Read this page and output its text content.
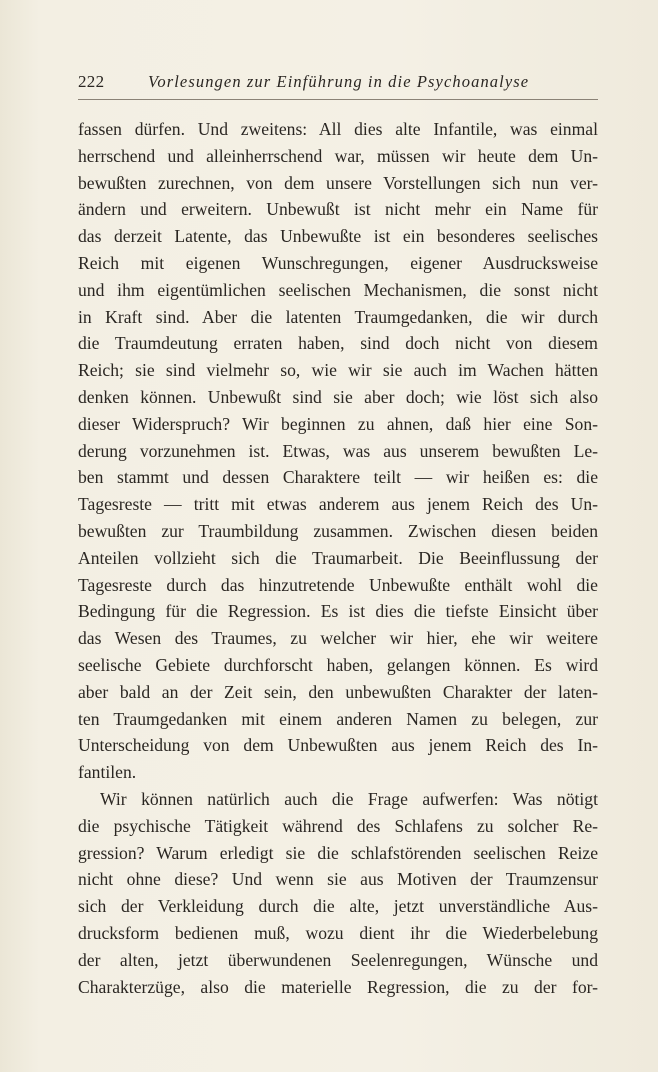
222	Vorlesungen zur Einführung in die Psychoanalyse
fassen dürfen. Und zweitens: All dies alte Infantile, was einmal
herrschend und alleinherrschend war, müssen wir heute dem Un-
bewußten zurechnen, von dem unsere Vorstellungen sich nun ver-
ändern und erweitern. Unbewußt ist nicht mehr ein Name für
das derzeit Latente, das Unbewußte ist ein besonderes seelisches
Reich mit eigenen Wunschregungen, eigener Ausdrucksweise
und ihm eigentümlichen seelischen Mechanismen, die sonst nicht
in Kraft sind. Aber die latenten Traumgedanken, die wir durch
die Traumdeutung erraten haben, sind doch nicht von diesem
Reich; sie sind vielmehr so, wie wir sie auch im Wachen hätten
denken können. Unbewußt sind sie aber doch; wie löst sich also
dieser Widerspruch? Wir beginnen zu ahnen, daß hier eine Son-
derung vorzunehmen ist. Etwas, was aus unserem bewußten Le-
ben stammt und dessen Charaktere teilt — wir heißen es: die
Tagesreste — tritt mit etwas anderem aus jenem Reich des Un-
bewußten zur Traumbildung zusammen. Zwischen diesen beiden
Anteilen vollzieht sich die Traumarbeit. Die Beeinflussung der
Tagesreste durch das hinzutretende Unbewußte enthält wohl die
Bedingung für die Regression. Es ist dies die tiefste Einsicht über
das Wesen des Traumes, zu welcher wir hier, ehe wir weitere
seelische Gebiete durchforscht haben, gelangen können. Es wird
aber bald an der Zeit sein, den unbewußten Charakter der laten-
ten Traumgedanken mit einem anderen Namen zu belegen, zur
Unterscheidung von dem Unbewußten aus jenem Reich des In-
fantilen.
Wir können natürlich auch die Frage aufwerfen: Was nötigt
die psychische Tätigkeit während des Schlafens zu solcher Re-
gression? Warum erledigt sie die schlafstörenden seelischen Reize
nicht ohne diese? Und wenn sie aus Motiven der Traumzensur
sich der Verkleidung durch die alte, jetzt unverständliche Aus-
drucksform bedienen muß, wozu dient ihr die Wiederbelebung
der alten, jetzt überwundenen Seelenregungen, Wünsche und
Charakterzüge, also die materielle Regression, die zu der for-
